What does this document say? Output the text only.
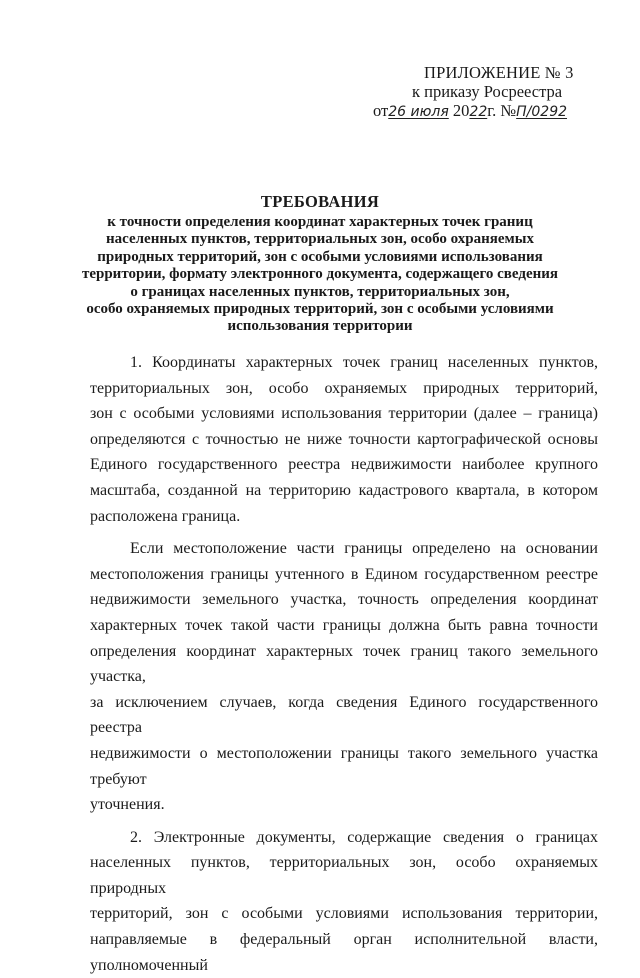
ПРИЛОЖЕНИЕ № 3
к приказу Росреестра
от26 июля 2022г. №П/0292
ТРЕБОВАНИЯ
к точности определения координат характерных точек границ
населенных пунктов, территориальных зон, особо охраняемых
природных территорий, зон с особыми условиями использования
территории, формату электронного документа, содержащего сведения
о границах населенных пунктов, территориальных зон,
особо охраняемых природных территорий, зон с особыми условиями
использования территории
1. Координаты характерных точек границ населенных пунктов,
территориальных зон, особо охраняемых природных территорий,
зон с особыми условиями использования территории (далее – граница)
определяются с точностью не ниже точности картографической основы
Единого государственного реестра недвижимости наиболее крупного
масштаба, созданной на территорию кадастрового квартала, в котором
расположена граница.
Если местоположение части границы определено на основании
местоположения границы учтенного в Едином государственном реестре
недвижимости земельного участка, точность определения координат
характерных точек такой части границы должна быть равна точности
определения координат характерных точек границ такого земельного участка,
за исключением случаев, когда сведения Единого государственного реестра
недвижимости о местоположении границы такого земельного участка требуют
уточнения.
2. Электронные документы, содержащие сведения о границах
населенных пунктов, территориальных зон, особо охраняемых природных
территорий, зон с особыми условиями использования территории,
направляемые в федеральный орган исполнительной власти, уполномоченный
